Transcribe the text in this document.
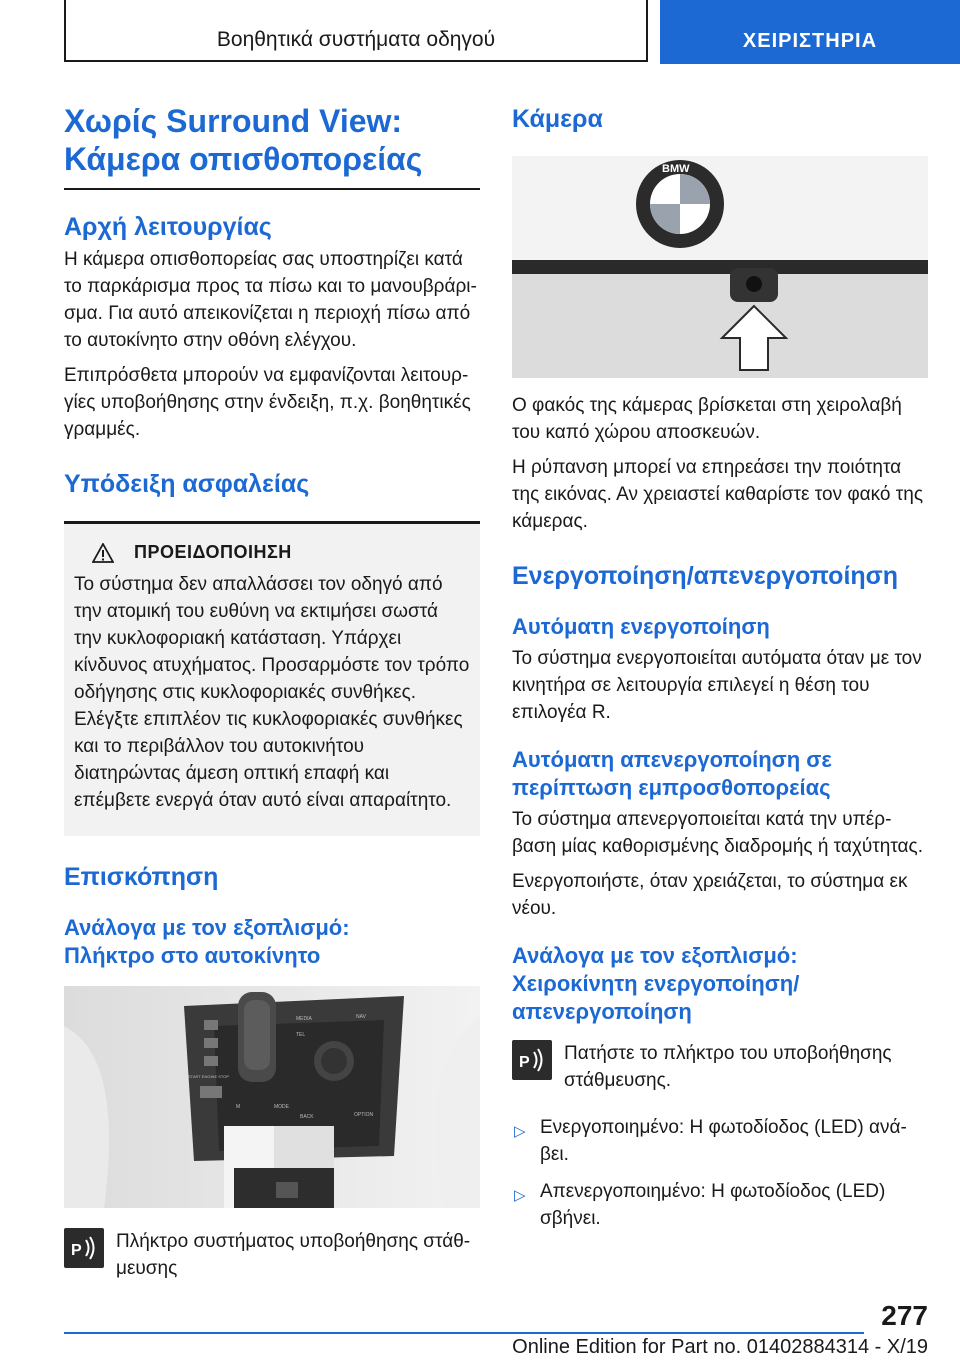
Βοηθητικά συστήματα οδηγού	ΧΕΙΡΙΣΤΗΡΙΑ
Χωρίς Surround View:
Κάμερα οπισθοπορείας
Αρχή λειτουργίας

Η κάμερα οπισθοπορείας σας υποστηρίζει κατά το παρκάρισμα προς τα πίσω και το μανουβράρισμα. Για αυτό απεικονίζεται η περιοχή πίσω από το αυτοκίνητο στην οθόνη ελέγχου.

Επιπρόσθετα μπορούν να εμφανίζονται λειτουργίες υποβοήθησης στην ένδειξη, π.χ. βοηθητικές γραμμές.

Υπόδειξη ασφαλείας
ΠΡΟΕΙΔΟΠΟΙΗΣΗ

Το σύστημα δεν απαλλάσσει τον οδηγό από την ατομική του ευθύνη να εκτιμήσει σωστά την κυκλοφοριακή κατάσταση. Υπάρχει κίνδυνος ατυχήματος. Προσαρμόστε τον τρόπο οδήγησης στις κυκλοφοριακές συνθήκες. Ελέγξτε επιπλέον τις κυκλοφοριακές συνθήκες και το περιβάλλον του αυτοκινήτου διατηρώντας άμεση οπτική επαφή και επέμβετε ενεργά όταν αυτό είναι απαραίτητο.

Επισκόπηση
Ανάλογα με τον εξοπλισμό:
Πλήκτρο στο αυτοκίνητο
MEDIA	NAV
BACK	OPTION
TEL
START ENGINE STOP
M	MODE
P Πλήκτρο συστήματος υποβοήθησης στάθμευσης

Κάμερα
BMW

Ο φακός της κάμερας βρίσκεται στη χειρολαβή του καπό χώρου αποσκευών.

Η ρύπανση μπορεί να επηρεάσει την ποιότητα της εικόνας. Αν χρειαστεί καθαρίστε τον φακό της κάμερας.

Ενεργοποίηση/απενεργοποίηση
Αυτόματη ενεργοποίηση

Το σύστημα ενεργοποιείται αυτόματα όταν με τον κινητήρα σε λειτουργία επιλεγεί η θέση του επιλογέα R.

Αυτόματη απενεργοποίηση σε
περίπτωση εμπροσθοπορείας

Το σύστημα απενεργοποιείται κατά την υπέρβαση μίας καθορισμένης διαδρομής ή ταχύτητας.

Ενεργοποιήστε, όταν χρειάζεται, το σύστημα εκ νέου.

Ανάλογα με τον εξοπλισμό:
Χειροκίνητη ενεργοποίηση/
απενεργοποίηση
P Πατήστε το πλήκτρο του υποβοήθησης στάθμευσης.

▷ Ενεργοποιημένο: Η φωτοδίοδος (LED) ανάβει.
▷ Απενεργοποιημένο: Η φωτοδίοδος (LED) σβήνει.
277
Online Edition for Part no. 01402884314 - X/19
